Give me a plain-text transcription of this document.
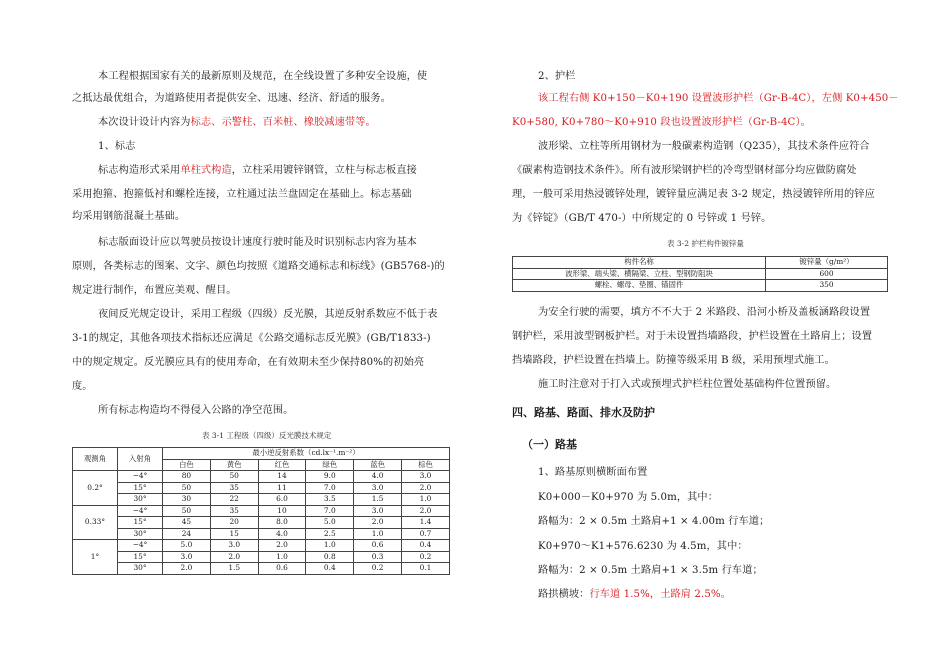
本工程根据国家有关的最新原则及规范，在全线设置了多种安全设施，使
之抵达最优组合，为道路使用者提供安全、迅速、经济、舒适的服务。
本次设计设计内容为标志、示警柱、百米桩、橡胶减速带等。
1、标志
标志构造形式采用单柱式构造，立柱采用镀锌钢管，立柱与标志板直接
采用抱箍、抱箍低衬和螺栓连接，立柱通过法兰盘固定在基础上。标志基础
均采用钢筋混凝土基础。
标志版面设计应以驾驶员按设计速度行驶时能及时识别标志内容为基本
原则，各类标志的图案、文字、颜色均按照《道路交通标志和标线》(GB5768-)的
规定进行制作，布置应美观、醒目。
夜间反光规定设计，采用工程级（四级）反光膜，其逆反射系数应不低于表
3-1的规定，其他各项技术指标还应满足《公路交通标志反光膜》(GB/T1833-)
中的规定规定。反光膜应具有的使用寿命，在有效期未至少保持80%的初始亮
度。
所有标志构造均不得侵入公路的净空范围。
表 3-1 工程级（四级）反光膜技术规定
观测角	入射角	最小逆反射系数（cd.lx⁻¹.m⁻²）					
		白色	黄色	红色	绿色	蓝色	棕色
0.2°	−4°	80	50	14	9.0	4.0	3.0
	15°	50	35	11	7.0	3.0	2.0
	30°	30	22	6.0	3.5	1.5	1.0
0.33°	−4°	50	35	10	7.0	3.0	2.0
	15°	45	20	8.0	5.0	2.0	1.4
	30°	24	15	4.0	2.5	1.0	0.7
1°	−4°	5.0	3.0	2.0	1.0	0.6	0.4
	15°	3.0	2.0	1.0	0.8	0.3	0.2
	30°	2.0	1.5	0.6	0.4	0.2	0.1
2、护栏
该工程右侧 K0+150－K0+190 设置波形护栏（Gr-B-4C），左侧 K0+450－
K0+580, K0+780～K0+910 段也设置波形护栏（Gr-B-4C）。
波形梁、立柱等所用钢材为一般碳素构造钢（Q235），其技术条件应符合
《碳素构造钢技术条件》。所有波形梁钢护栏的冷弯型钢材部分均应做防腐处
理，一般可采用热浸镀锌处理，镀锌量应满足表 3-2 规定，热浸镀锌所用的锌应
为《锌锭》（GB/T 470-）中所规定的 0 号锌或 1 号锌。
表 3-2 护栏构件镀锌量
构件名称	镀锌量（g/m²）
波形梁、端头梁、横隔梁、立柱、型钢防阻块	600
螺栓、螺母、垫圈、锚固件	350
为安全行驶的需要，填方不不大于 2 米路段、沿河小桥及盖板涵路段设置
钢护栏，采用波型钢板护栏。对于未设置挡墙路段，护栏设置在土路肩上；设置
挡墙路段，护栏设置在挡墙上。防撞等级采用 B 级，采用预埋式施工。
施工时注意对于打入式或预埋式护栏柱位置处基础构件位置预留。
四、路基、路面、排水及防护
（一）路基
1、路基原则横断面布置
K0+000－K0+970 为 5.0m，其中：
路幅为：2 × 0.5m 土路肩+1 × 4.00m 行车道；
K0+970～K1+576.6230 为 4.5m，其中：
路幅为：2 × 0.5m 土路肩+1 × 3.5m 行车道；
路拱横坡：行车道 1.5%，土路肩 2.5%。
